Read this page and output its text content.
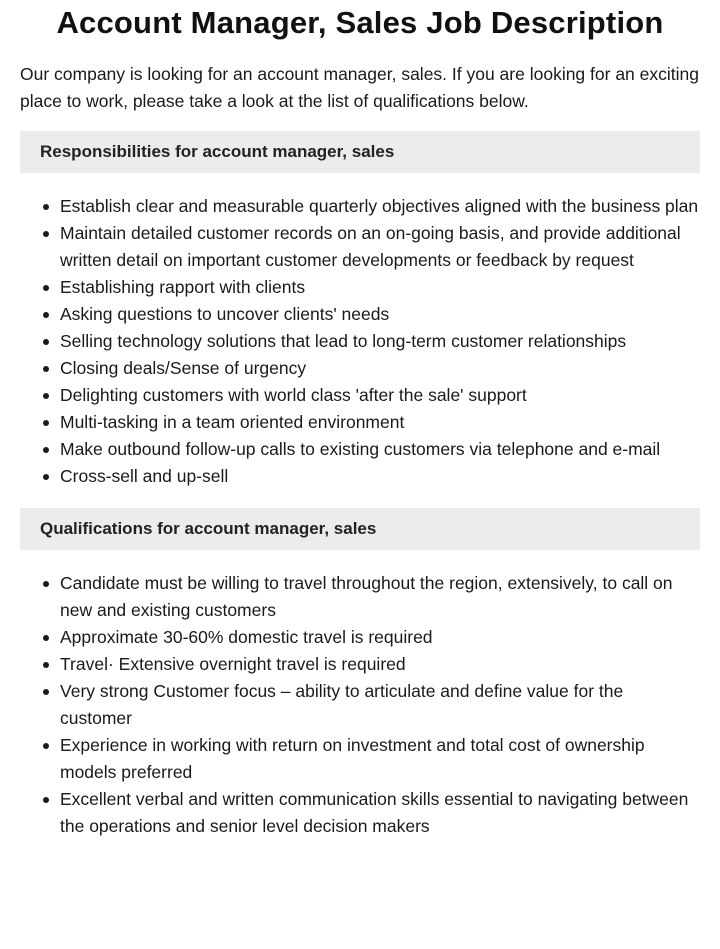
Account Manager, Sales Job Description

Our company is looking for an account manager, sales. If you are looking for an exciting place to work, please take a look at the list of qualifications below.

Responsibilities for account manager, sales
Establish clear and measurable quarterly objectives aligned with the business plan
Maintain detailed customer records on an on-going basis, and provide additional written detail on important customer developments or feedback by request
Establishing rapport with clients
Asking questions to uncover clients' needs
Selling technology solutions that lead to long-term customer relationships
Closing deals/Sense of urgency
Delighting customers with world class 'after the sale' support
Multi-tasking in a team oriented environment
Make outbound follow-up calls to existing customers via telephone and e-mail
Cross-sell and up-sell
Qualifications for account manager, sales
Candidate must be willing to travel throughout the region, extensively, to call on new and existing customers
Approximate 30-60% domestic travel is required
Travel· Extensive overnight travel is required
Very strong Customer focus – ability to articulate and define value for the customer
Experience in working with return on investment and total cost of ownership models preferred
Excellent verbal and written communication skills essential to navigating between the operations and senior level decision makers
